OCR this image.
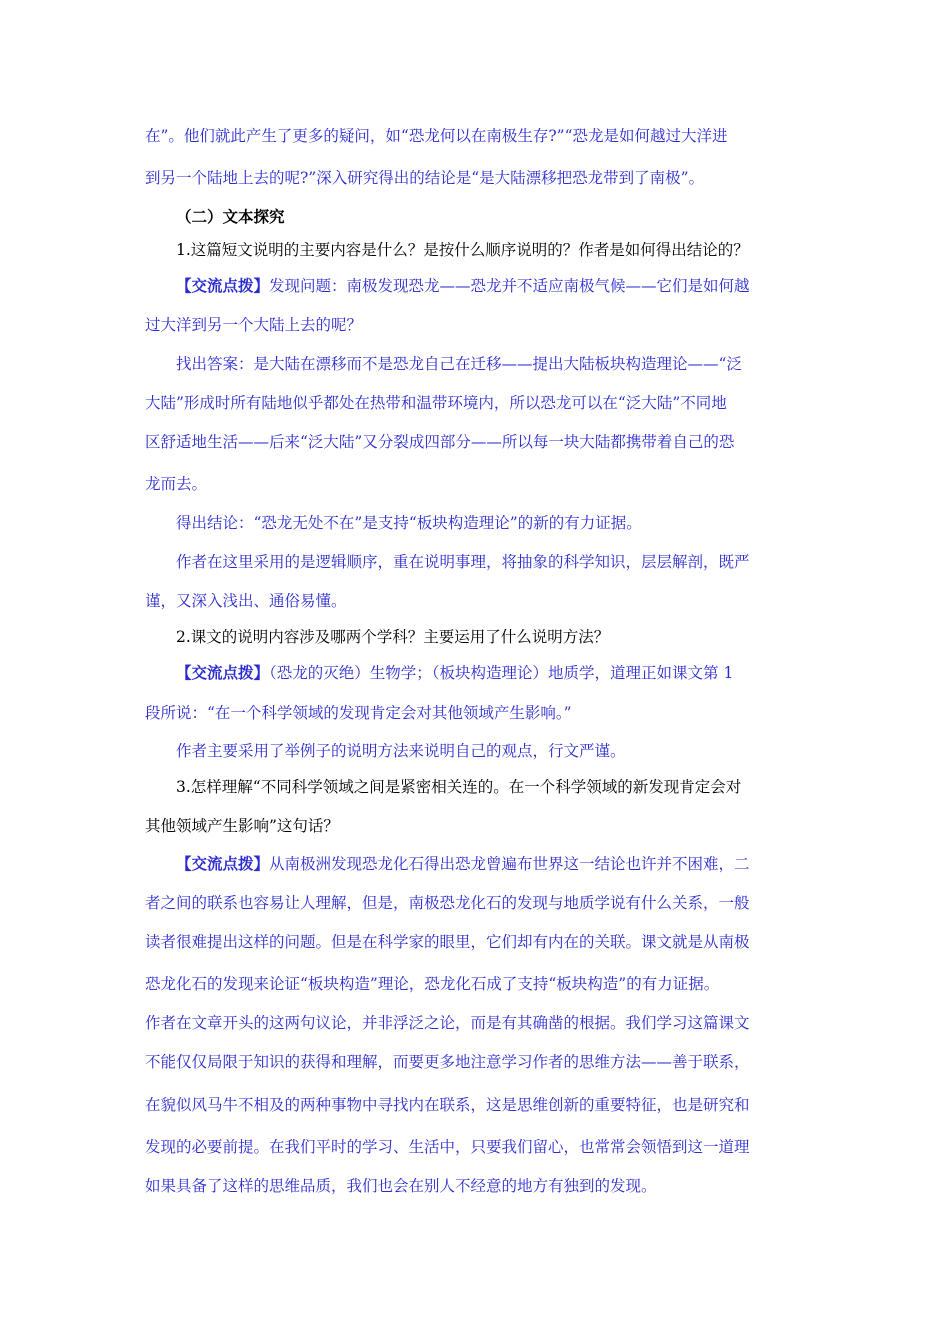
在”。他们就此产生了更多的疑问，如“恐龙何以在南极生存?”“恐龙是如何越过大洋进
到另一个陆地上去的呢?”深入研究得出的结论是“是大陆漂移把恐龙带到了南极”。
（二）文本探究
1.这篇短文说明的主要内容是什么？是按什么顺序说明的？作者是如何得出结论的？
【交流点拨】发现问题：南极发现恐龙——恐龙并不适应南极气候——它们是如何越
过大洋到另一个大陆上去的呢？
找出答案：是大陆在漂移而不是恐龙自己在迁移——提出大陆板块构造理论——“泛
大陆”形成时所有陆地似乎都处在热带和温带环境内，所以恐龙可以在“泛大陆”不同地
区舒适地生活——后来“泛大陆”又分裂成四部分——所以每一块大陆都携带着自己的恐
龙而去。
得出结论：“恐龙无处不在”是支持“板块构造理论”的新的有力证据。
作者在这里采用的是逻辑顺序，重在说明事理，将抽象的科学知识，层层解剖，既严
谨，又深入浅出、通俗易懂。
2.课文的说明内容涉及哪两个学科？主要运用了什么说明方法？
【交流点拨】（恐龙的灭绝）生物学；（板块构造理论）地质学，道理正如课文第 1
段所说：“在一个科学领域的发现肯定会对其他领域产生影响。”
作者主要采用了举例子的说明方法来说明自己的观点，行文严谨。
3.怎样理解“不同科学领域之间是紧密相关连的。在一个科学领域的新发现肯定会对
其他领域产生影响”这句话？
【交流点拨】从南极洲发现恐龙化石得出恐龙曾遍布世界这一结论也许并不困难，二
者之间的联系也容易让人理解，但是，南极恐龙化石的发现与地质学说有什么关系，一般
读者很难提出这样的问题。但是在科学家的眼里，它们却有内在的关联。课文就是从南极
恐龙化石的发现来论证“板块构造”理论，恐龙化石成了支持“板块构造”的有力证据。
作者在文章开头的这两句议论，并非浮泛之论，而是有其确凿的根据。我们学习这篇课文
不能仅仅局限于知识的获得和理解，而要更多地注意学习作者的思维方法——善于联系，
在貌似风马牛不相及的两种事物中寻找内在联系，这是思维创新的重要特征，也是研究和
发现的必要前提。在我们平时的学习、生活中，只要我们留心，也常常会领悟到这一道理
如果具备了这样的思维品质，我们也会在别人不经意的地方有独到的发现。
